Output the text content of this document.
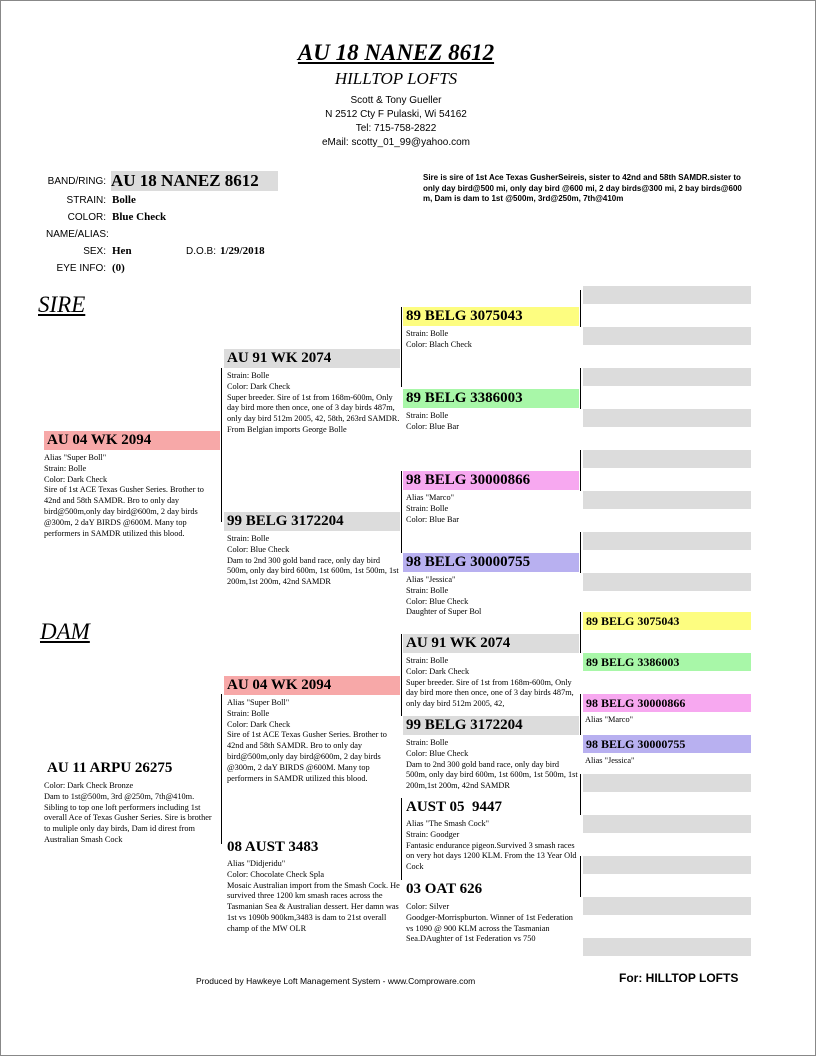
AU 18 NANEZ 8612
HILLTOP LOFTS
Scott & Tony Gueller
N 2512 Cty F Pulaski, Wi 54162
Tel: 715-758-2822
eMail: scotty_01_99@yahoo.com
BAND/RING: AU 18 NANEZ 8612
STRAIN: Bolle
COLOR: Blue Check
NAME/ALIAS:
SEX: Hen	D.O.B: 1/29/2018
EYE INFO: (0)
Sire is sire of 1st Ace Texas GusherSeireis, sister to 42nd and 58th SAMDR.sister to only day bird@500 mi, only day bird @600 mi, 2 day birds@300 mi, 2 bay birds@600 m, Dam is dam to 1st @500m, 3rd@250m, 7th@410m
SIRE
DAM	89 BELG 3075043
89 BELG 3386003
98 BELG 30000866
Alias "Marco"
98 BELG 30000755
Alias "Jessica"
AU 04 WK 2094
Alias "Super Boll"
Strain: Bolle
Color: Dark Check
Sire of 1st ACE Texas Gusher Series. Brother to 42nd and 58th SAMDR. Bro to only day bird@500m,only day bird@600m, 2 day birds @300m, 2 daY BIRDS @600M. Many top performers in SAMDR utilized this blood.
AU 91 WK 2074
Strain: Bolle
Color: Dark Check
Super breeder. Sire of 1st from 168m-600m, Only day bird more then once, one of 3 day birds 487m, only day bird 512m 2005, 42, 58th, 263rd SAMDR. From Belgian imports George Bolle
99 BELG 3172204
Strain: Bolle
Color: Blue Check
Dam to 2nd 300 gold band race, only day bird 500m, only day bird 600m, 1st 600m, 1st 500m, 1st 200m,1st 200m, 42nd SAMDR
89 BELG 3075043
Strain: Bolle
Color: Blach Check
89 BELG 3386003
Strain: Bolle
Color: Blue Bar
98 BELG 30000866
Alias "Marco"
Strain: Bolle
Color: Blue Bar
98 BELG 30000755
Alias "Jessica"
Strain: Bolle
Color: Blue Check
Daughter of Super Bol
AU 11 ARPU 26275
Color: Dark Check Bronze
Dam to 1st@500m, 3rd @250m, 7th@410m. Sibling to top one loft performers including 1st overall Ace of Texas Gusher Series. Sire is brother to muliple only day birds, Dam id direst from Australian Smash Cock
AU 04 WK 2094
Alias "Super Boll"
Strain: Bolle
Color: Dark Check
Sire of 1st ACE Texas Gusher Series. Brother to 42nd and 58th SAMDR. Bro to only day bird@500m,only day bird@600m, 2 day birds @300m, 2 daY BIRDS @600M. Many top performers in SAMDR utilized this blood.
08 AUST 3483
Alias "Didjeridu"
Color: Chocolate Check Spla
Mosaic Australian import from the Smash Cock. He survived three 1200 km smash races across the Tasmanian Sea & Australian dessert. Her damn was 1st vs 1090b 900km,3483 is dam to 21st overall champ of the MW OLR
AU 91 WK 2074
Strain: Bolle
Color: Dark Check
Super breeder. Sire of 1st from 168m-600m, Only day bird more then once, one of 3 day birds 487m, only day bird 512m 2005, 42,
99 BELG 3172204
Strain: Bolle
Color: Blue Check
Dam to 2nd 300 gold band race, only day bird 500m, only day bird 600m, 1st 600m, 1st 500m, 1st 200m,1st 200m, 42nd SAMDR
AUST 05  9447
Alias "The Smash Cock"
Strain: Goodger
Fantasic endurance pigeon.Survived 3 smash races on very hot days 1200 KLM. From the 13 Year Old Cock
03 OAT 626
Color: Silver
Goodger-Morrispburton. Winner of 1st Federation vs 1090 @ 900 KLM across the Tasmanian Sea.DAughter of 1st Federation vs 750
Produced by Hawkeye Loft Management System - www.Comproware.com	For: HILLTOP LOFTS
